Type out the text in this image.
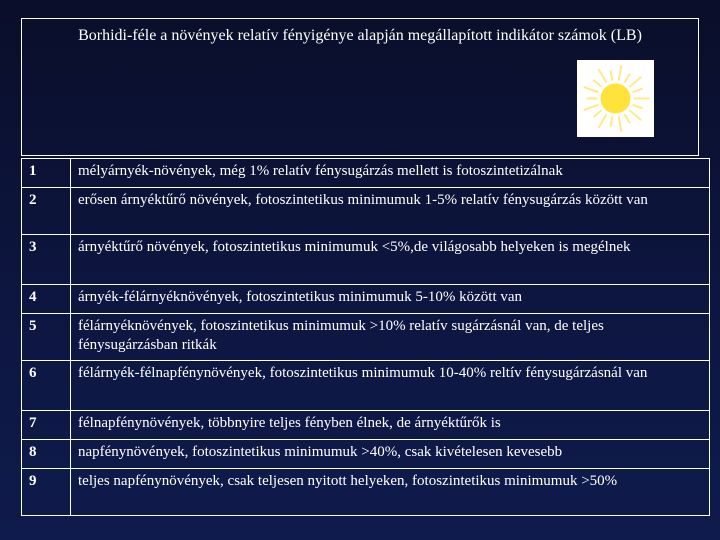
Borhidi-féle a növények relatív fényigénye alapján megállapított indikátor számok (LB)
1	mélyárnyék-növények, még 1% relatív fénysugárzás mellett is fotoszintetizálnak
2	erősen árnyéktűrő növények, fotoszintetikus minimumuk 1-5% relatív fénysugárzás között van
3	árnyéktűrő növények, fotoszintetikus minimumuk <5%,de világosabb helyeken is megélnek
4	árnyék-félárnyéknövények, fotoszintetikus minimumuk 5-10% között van
5	félárnyéknövények, fotoszintetikus minimumuk >10% relatív sugárzásnál van, de teljes fénysugárzásban ritkák
6	félárnyék-félnapfénynövények, fotoszintetikus minimumuk 10-40% reltív fénysugárzásnál van
7	félnapfénynövények, többnyire teljes fényben élnek, de árnyéktűrők is
8	napfénynövények, fotoszintetikus minimumuk >40%, csak kivételesen kevesebb
9	teljes napfénynövények, csak teljesen nyitott helyeken, fotoszintetikus minimumuk >50%
